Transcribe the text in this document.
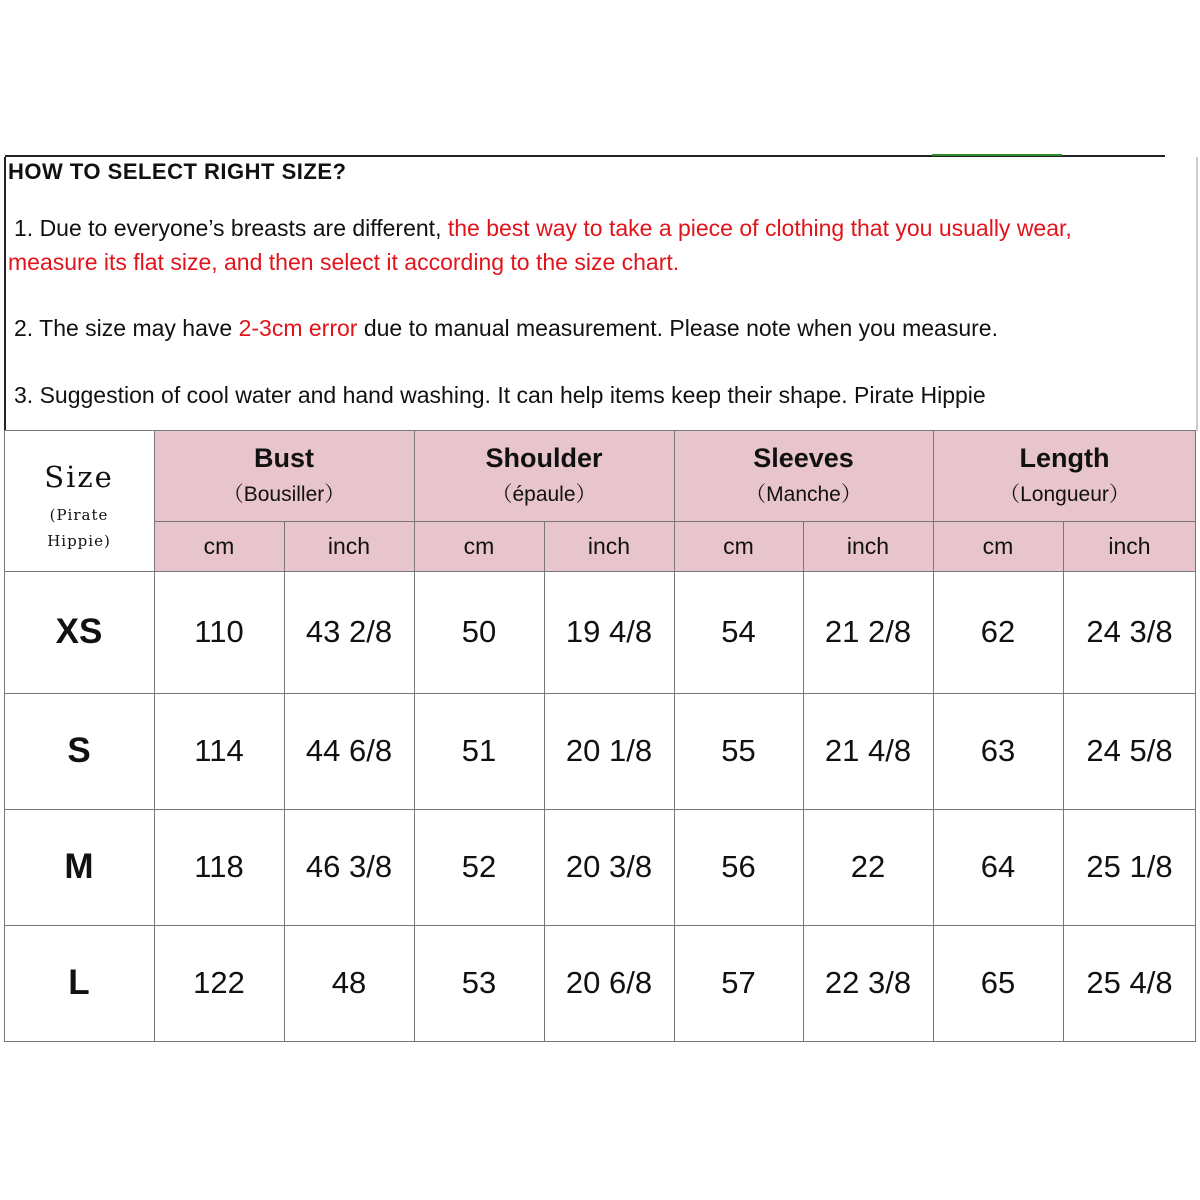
HOW TO SELECT RIGHT SIZE?
1. Due to everyone’s breasts are different, the best way to take a piece of clothing that you usually wear,
measure its flat size, and then select it according to the size chart.
2. The size may have 2-3cm error due to manual measurement. Please note when you measure.
3. Suggestion of cool water and hand washing. It can help items keep their shape. Pirate Hippie
Size
(Pirate
Hippie)
Bust
（Bousiller）
Shoulder
（épaule）
Sleeves
（Manche）
Length
（Longueur）
cm	inch	cm	inch	cm	inch	cm	inch
XS	110	43 2/8	50	19 4/8	54	21 2/8	62	24 3/8
S	114	44 6/8	51	20 1/8	55	21 4/8	63	24 5/8
M	118	46 3/8	52	20 3/8	56	22	64	25 1/8
L	122	48	53	20 6/8	57	22 3/8	65	25 4/8
